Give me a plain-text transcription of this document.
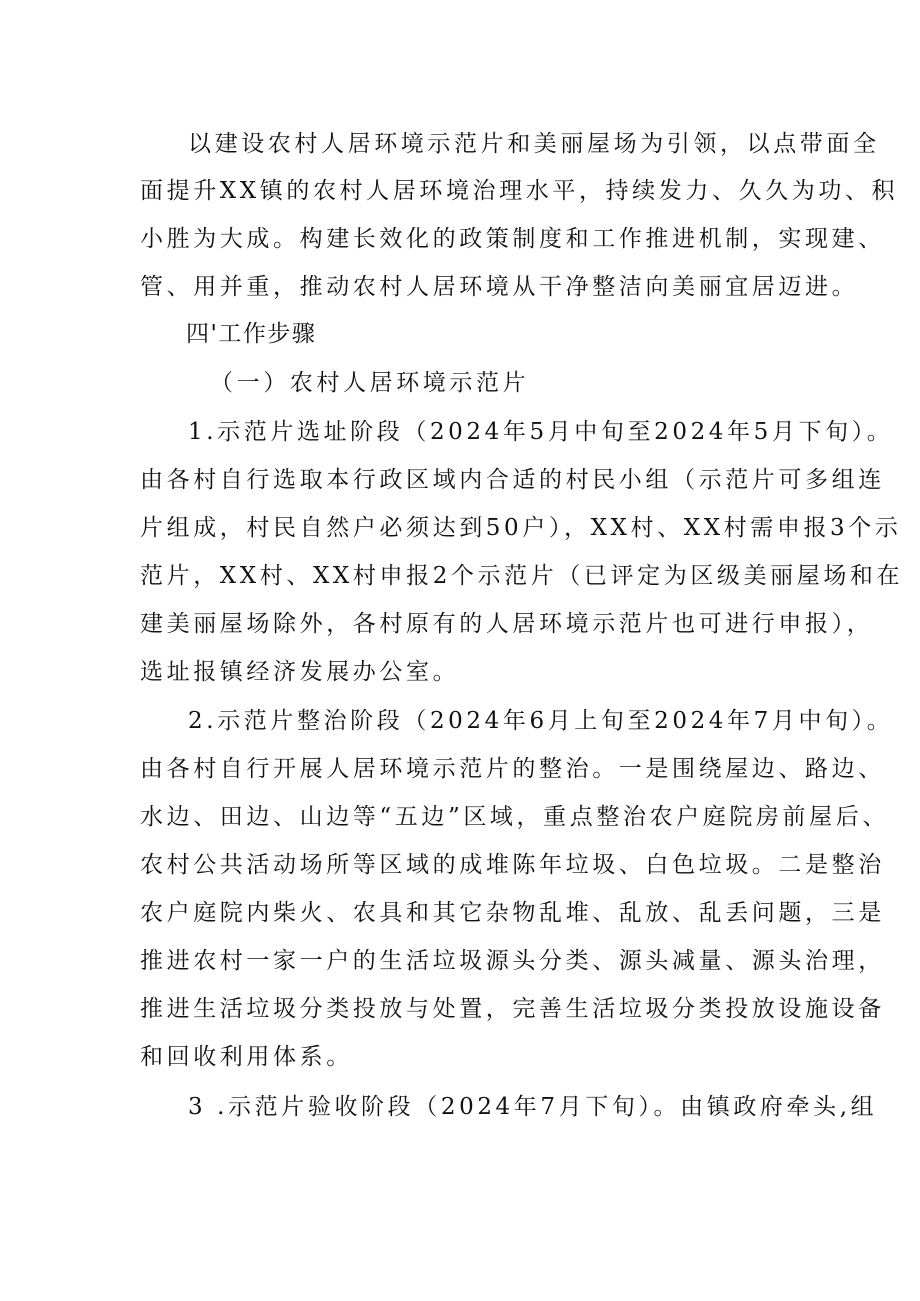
以建设农村人居环境示范片和美丽屋场为引领，以点带面全
面提升XX镇的农村人居环境治理水平，持续发力、久久为功、积
小胜为大成。构建长效化的政策制度和工作推进机制，实现建、
管、用并重，推动农村人居环境从干净整洁向美丽宜居迈进。
四'工作步骤
（一）农村人居环境示范片
1.示范片选址阶段（2024年5月中旬至2024年5月下旬）。
由各村自行选取本行政区域内合适的村民小组（示范片可多组连
片组成，村民自然户必须达到50户），XX村、XX村需申报3个示
范片，XX村、XX村申报2个示范片（已评定为区级美丽屋场和在
建美丽屋场除外，各村原有的人居环境示范片也可进行申报），
选址报镇经济发展办公室。
2.示范片整治阶段（2024年6月上旬至2024年7月中旬）。
由各村自行开展人居环境示范片的整治。一是围绕屋边、路边、
水边、田边、山边等“五边”区域，重点整治农户庭院房前屋后、
农村公共活动场所等区域的成堆陈年垃圾、白色垃圾。二是整治
农户庭院内柴火、农具和其它杂物乱堆、乱放、乱丢问题，三是
推进农村一家一户的生活垃圾源头分类、源头减量、源头治理，
推进生活垃圾分类投放与处置，完善生活垃圾分类投放设施设备
和回收利用体系。
3 .示范片验收阶段（2024年7月下旬）。由镇政府牵头,组
